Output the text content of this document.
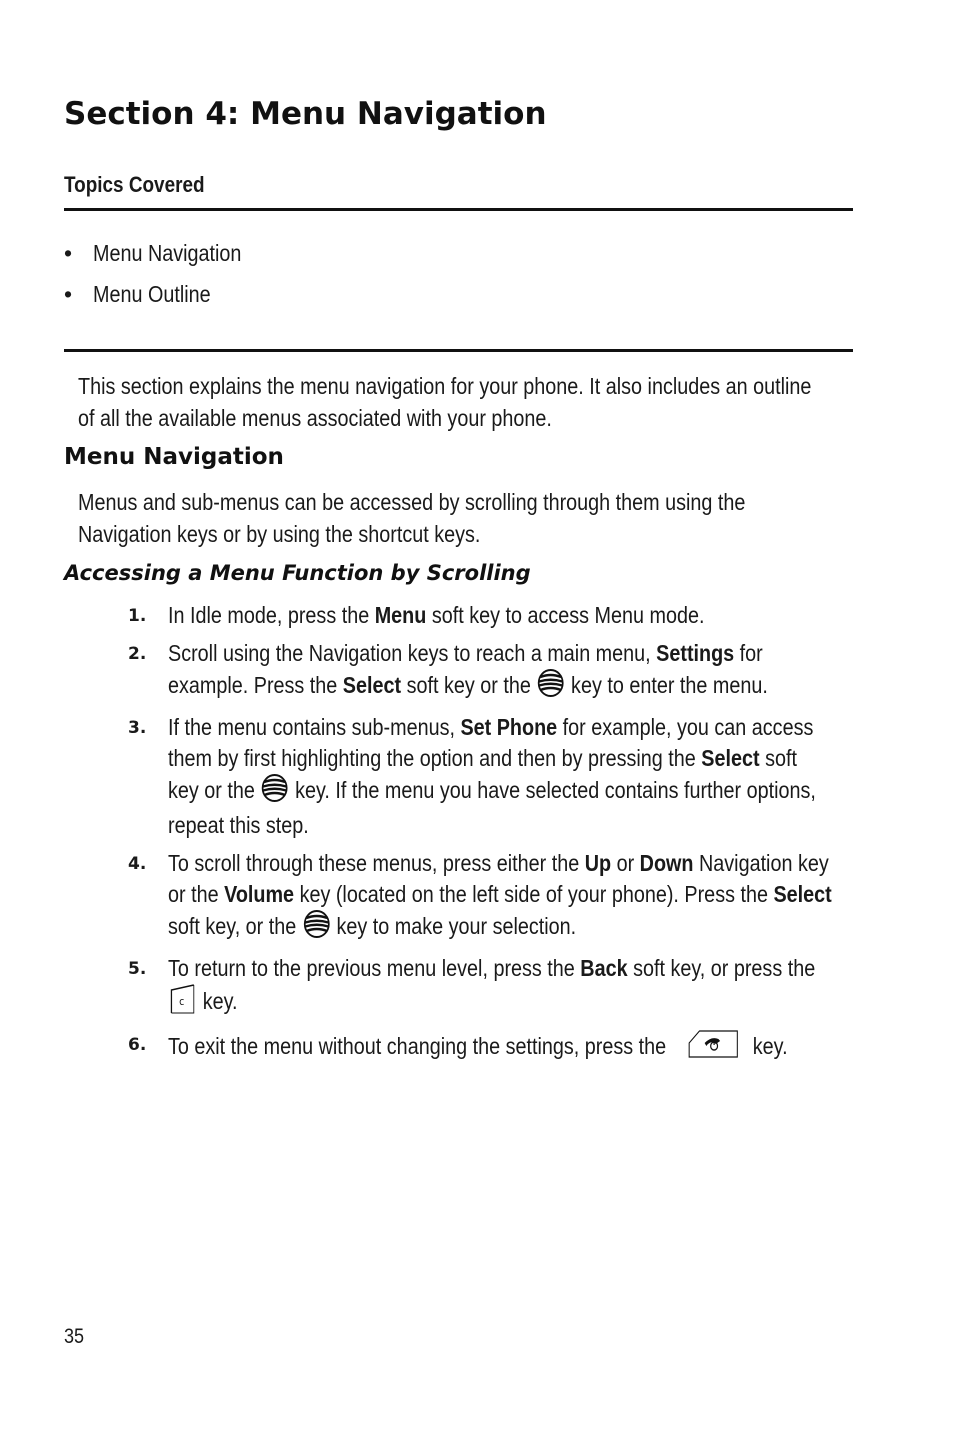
Section 4: Menu Navigation
Topics Covered
• Menu Navigation
• Menu Outline
This section explains the menu navigation for your phone. It also includes an outline
of all the available menus associated with your phone.
Menu Navigation
Menus and sub-menus can be accessed by scrolling through them using the
Navigation keys or by using the shortcut keys.
Accessing a Menu Function by Scrolling
1. In Idle mode, press the Menu soft key to access Menu mode.
2. Scroll using the Navigation keys to reach a main menu, Settings for
example. Press the Select soft key or the  key to enter the menu.
3. If the menu contains sub-menus, Set Phone for example, you can access
them by first highlighting the option and then by pressing the Select soft
key or the  key. If the menu you have selected contains further options,
repeat this step.
4. To scroll through these menus, press either the Up or Down Navigation key
or the Volume key (located on the left side of your phone). Press the Select
soft key, or the  key to make your selection.
5. To return to the previous menu level, press the Back soft key, or press the
c key.
6. To exit the menu without changing the settings, press the	key.
35
